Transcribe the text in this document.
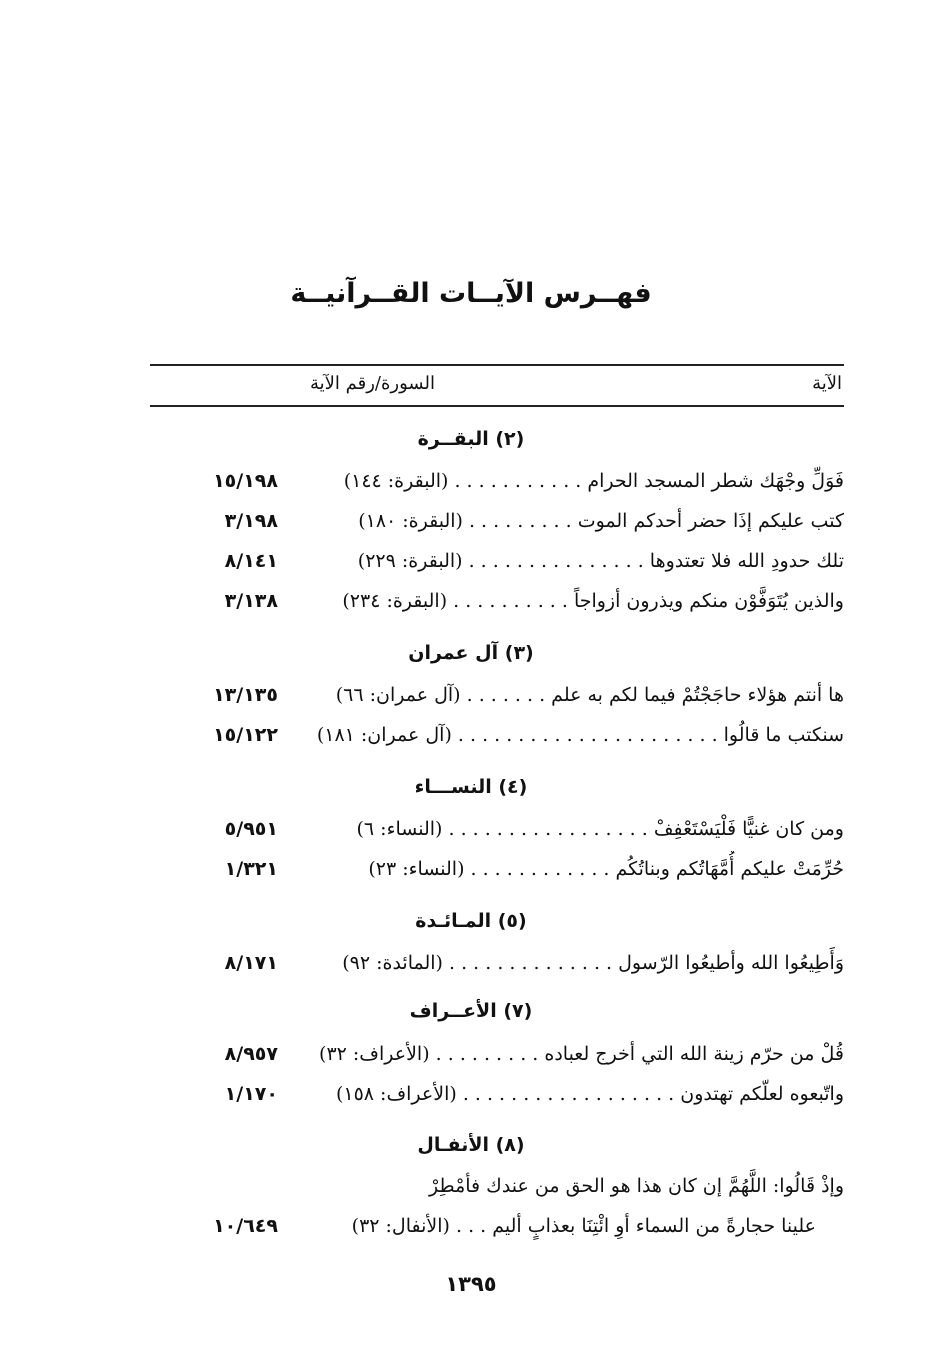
فهــرس الآيــات القــرآنيــة
الآية
السورة/رقم الآية
(٢) البقــرة
فَوَلِّ وجْهَك شطر المسجد الحرام . . . . . . . . . . . (البقرة: ١٤٤)
١٥/١٩٨
كتب عليكم إذَا حضر أحدكم الموت . . . . . . . . . (البقرة: ١٨٠)
٣/١٩٨
تلك حدودِ الله فلا تعتدوها . . . . . . . . . . . . . . . (البقرة: ٢٢٩)
٨/١٤١
والذين يُتَوَفَّوْن منكم ويذرون أزواجاً . . . . . . . . . . (البقرة: ٢٣٤)
٣/١٣٨
(٣) آل عمران
ها أنتم هؤلاء حاجَجْتُمْ فيما لكم به علم . . . . . . . (آل عمران: ٦٦)
١٣/١٣٥
سنكتب ما قالُوا . . . . . . . . . . . . . . . . . . . . . . (آل عمران: ١٨١)
١٥/١٢٢
(٤) النســـاء
ومن كان غنيًّا فَلْيَسْتَعْفِفْ . . . . . . . . . . . . . . . . . (النساء: ٦)
٥/٩٥١
حُرِّمَتْ عليكم أُمَّهَاتُكم وبناتُكُم . . . . . . . . . . . . (النساء: ٢٣)
١/٣٢١
(٥) المـائـدة
وَأَطِيعُوا الله وأطيعُوا الرّسول . . . . . . . . . . . . . . (المائدة: ٩٢)
٨/١٧١
(٧) الأعــراف
قُلْ من حرّم زينة الله التي أخرج لعباده . . . . . . . . . (الأعراف: ٣٢)
٨/٩٥٧
واتّبعوه لعلّكم تهتدون . . . . . . . . . . . . . . . . . . (الأعراف: ١٥٨)
١/١٧٠
(٨) الأنفـال
وإذْ قَالُوا: اللَّهُمَّ إن كان هذا هو الحق من عندك فأمْطِرْ
علينا حجارةً من السماء أوِ ائْتِنَا بعذابٍ أليم . . . (الأنفال: ٣٢)
١٠/٦٤٩
١٣٩٥
